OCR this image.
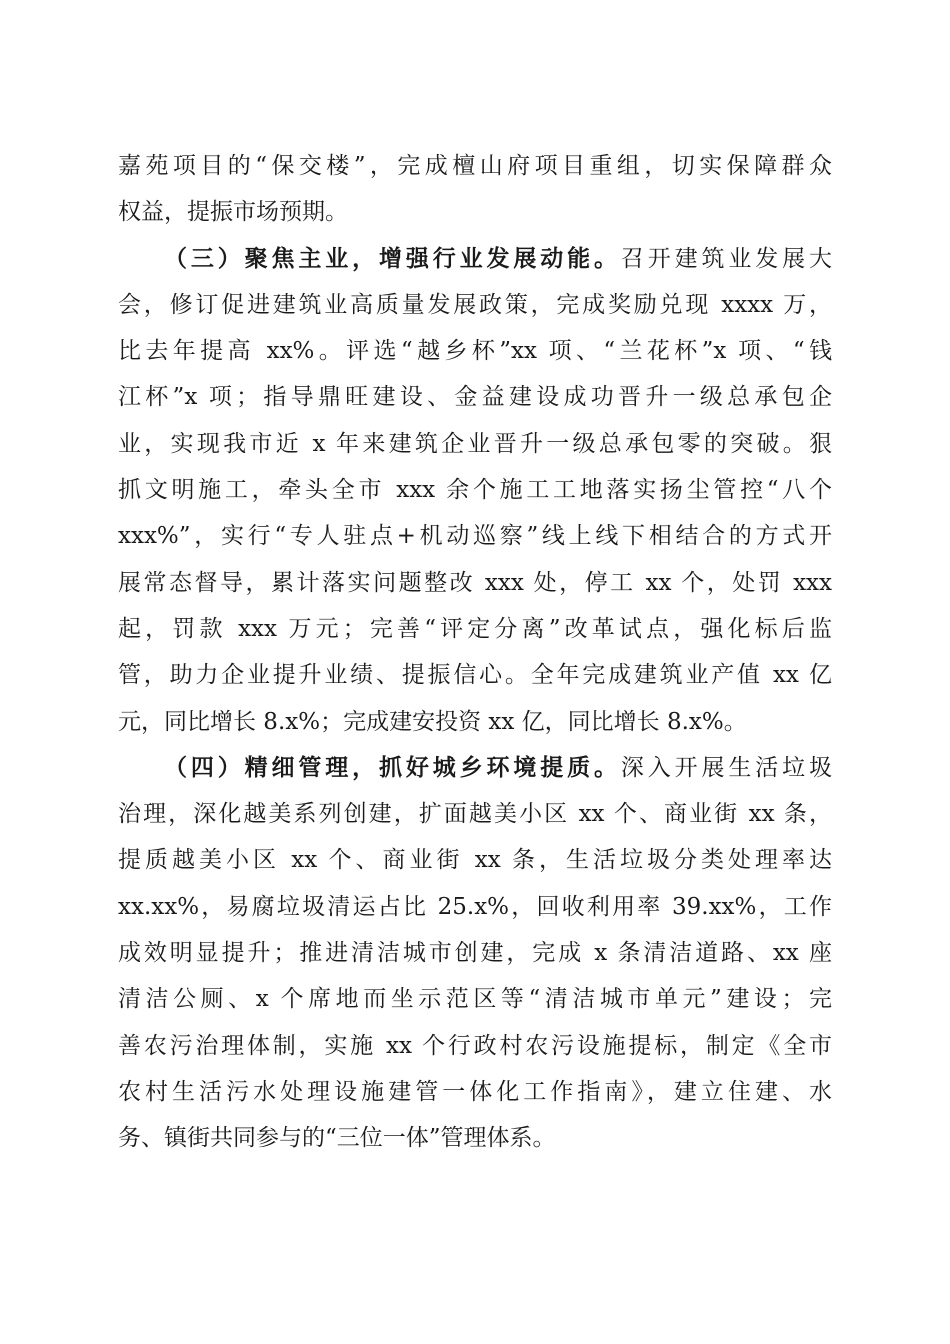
嘉苑项目的“保交楼”，完成檀山府项目重组，切实保障群众
权益，提振市场预期。
（三）聚焦主业，增强行业发展动能。召开建筑业发展大
会，修订促进建筑业高质量发展政策，完成奖励兑现 xxxx 万，
比去年提高 xx%。评选“越乡杯”xx 项、“兰花杯”x 项、“钱
江杯”x 项；指导鼎旺建设、金益建设成功晋升一级总承包企
业，实现我市近 x 年来建筑企业晋升一级总承包零的突破。狠
抓文明施工，牵头全市 xxx 余个施工工地落实扬尘管控“八个
xxx%”，实行“专人驻点+机动巡察”线上线下相结合的方式开
展常态督导，累计落实问题整改 xxx 处，停工 xx 个，处罚 xxx
起，罚款 xxx 万元；完善“评定分离”改革试点，强化标后监
管，助力企业提升业绩、提振信心。全年完成建筑业产值 xx 亿
元，同比增长 8.x%；完成建安投资 xx 亿，同比增长 8.x%。
（四）精细管理，抓好城乡环境提质。深入开展生活垃圾
治理，深化越美系列创建，扩面越美小区 xx 个、商业街 xx 条，
提质越美小区 xx 个、商业街 xx 条，生活垃圾分类处理率达
xx.xx%，易腐垃圾清运占比 25.x%，回收利用率 39.xx%，工作
成效明显提升；推进清洁城市创建，完成 x 条清洁道路、xx 座
清洁公厕、x 个席地而坐示范区等“清洁城市单元”建设；完
善农污治理体制，实施 xx 个行政村农污设施提标，制定《全市
农村生活污水处理设施建管一体化工作指南》，建立住建、水
务、镇街共同参与的“三位一体”管理体系。
